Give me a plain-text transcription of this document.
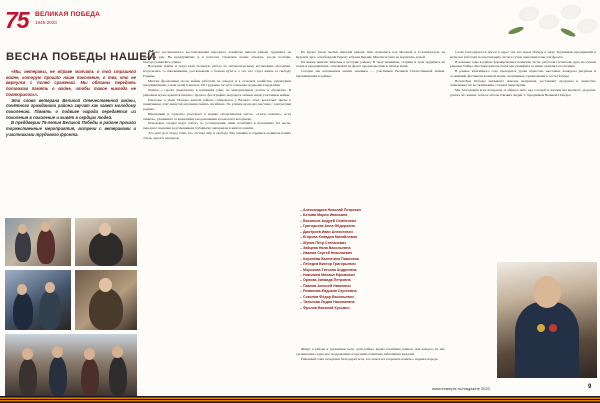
75 ВЕЛИКАЯ ПОБЕДА
1945-2020
ВЕСНА ПОБЕДЫ НАШЕЙ

«Мы, ветераны, не вправе молчать о той страшной войне, которую прошло наше поколение, о тех, кто не вернулся с полей сражений. Мы обязаны передать потомкам память о войне, чтобы такое никогда не повторилось».

Эти слова ветерана Великой Отечественной войны, почётного гражданина района звучат как завет молодому поколению. Память о подвиге народа передаётся из поколения в поколение и живёт в сердцах людей.

В преддверии 75-летия Великой Победы в районе прошли торжественные мероприятия, встречи с ветеранами и участниками трудового фронта.

В годы послевоенного восстановления народного хозяйства жители района трудились не покладая рук. На предприятиях и в колхозах строились новые объекты, росли посёлки, благоустраивались улицы.

Ветераны войны и труда вели большую работу по патриотическому воспитанию молодёжи, встречались со школьниками, рассказывали о боевом пути и о тех, кто отдал жизнь за свободу Родины.

Многие фронтовики после войны работали на заводах и в сельском хозяйстве, руководили предприятиями, учили детей в школах. Их трудовые заслуги отмечены орденами и медалями.

Память о героях увековечена в названиях улиц, на мемориальных досках и обелисках. В районном музее хранятся письма с фронта, фотографии, награды и личные вещи участников войны.

Ежегодно в День Победы жители района собираются у Вечного огня, возлагают цветы к памятникам, чтят минутой молчания память погибших. По улицам проходит шествие с портретами родных.

Школьники и студенты участвуют в акциях «Георгиевская лента», «Свеча памяти», «Сад памяти», ухаживают за воинскими захоронениями и помогают ветеранам.

Поисковые отряды ведут работу по установлению имён погибших и пропавших без вести, передают сведения родственникам, публикуют материалы в книгах памяти.

Это наш долг перед теми, кто отстоял мир и свободу. Мы помним и гордимся подвигом наших отцов, дедов и прадедов.

На фронт ушли тысячи жителей района. Они сражались под Москвой и Сталинградом, на Курской дуге, освобождали Европу и брали Берлин. Многие из них не вернулись домой.

Их имена навечно вписаны в историю района. В тылу женщины, старики и дети трудились на полях и предприятиях, отправляли на фронт продовольствие и тёплые вещи.

Сегодня мы вспоминаем наших земляков — участников Великой Отечественной войны, проживающих в районе:

– Александров Николай Петрович
– Белова Мария Ивановна
– Васильев Андрей Семёнович
– Григорьева Анна Фёдоровна
– Дмитриев Иван Алексеевич
– Егорова Клавдия Михайловна
– Жуков Пётр Степанович
– Зайцева Нина Васильевна
– Иванов Сергей Николаевич
– Королёва Валентина Павловна
– Лебедев Виктор Григорьевич
– Морозова Татьяна Андреевна
– Николаев Михаил Ефимович
– Орлова Зинаида Петровна
– Павлов Алексей Иванович
– Романова Евдокия Сергеевна
– Соколов Фёдор Васильевич
– Тихонова Лидия Николаевна
– Фролов Василий Кузьмич

Живут в районе и труженики тыла, дети войны, вдовы погибших воинов. Для каждого из них организовано адресное поздравление и вручение памятных юбилейных медалей.

Районный совет ветеранов благодарит всех, кто помогает сохранять память о подвиге народа.

Слова благодарности звучат в адрес тех, кто ковал Победу в тылу. Труженики предприятий и колхозов работали по шестнадцать часов в сутки, выполняя план для фронта.

В военные годы в районе формировались воинские части, работали госпитали, куда поступали раненые бойцы. Местные жители помогали ухаживать за ними, делились последним.

В рамках юбилейного года проводятся уроки мужества, выставки, конкурсы рисунков и сочинений, фестивали военной песни, спортивные соревнования в честь Победы.

Волонтёры Победы оказывают помощь ветеранам, доставляют продукты и лекарства, записывают их воспоминания, создают видеоархив.

Мы благодарим всех ветеранов за мирное небо над головой и желаем им крепкого здоровья, долгих лет жизни, тепла и заботы близких людей. С праздником Великой Победы!

www.example.ru/magazine 2020	9
